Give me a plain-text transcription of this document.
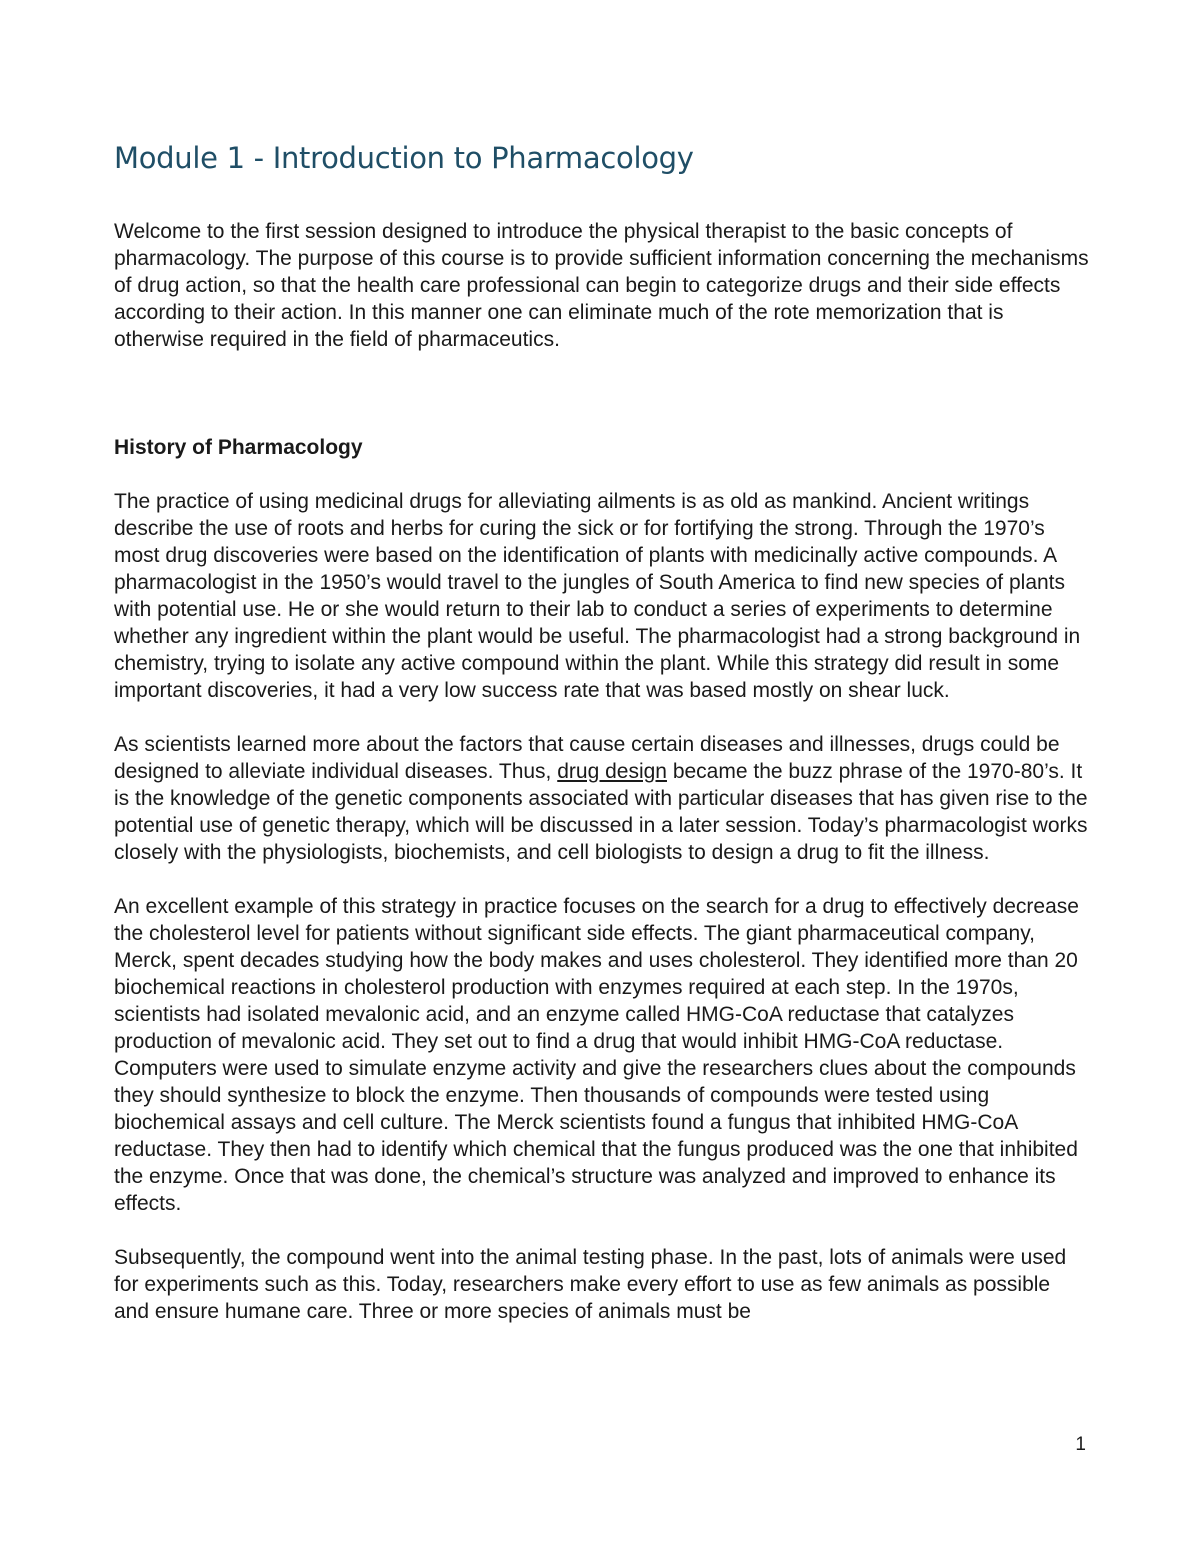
Module 1 - Introduction to Pharmacology

Welcome to the first session designed to introduce the physical therapist to the basic concepts of pharmacology. The purpose of this course is to provide sufficient information concerning the mechanisms of drug action, so that the health care professional can begin to categorize drugs and their side effects according to their action. In this manner one can eliminate much of the rote memorization that is otherwise required in the field of pharmaceutics.

History of Pharmacology

The practice of using medicinal drugs for alleviating ailments is as old as mankind. Ancient writings describe the use of roots and herbs for curing the sick or for fortifying the strong. Through the 1970’s most drug discoveries were based on the identification of plants with medicinally active compounds. A pharmacologist in the 1950’s would travel to the jungles of South America to find new species of plants with potential use. He or she would return to their lab to conduct a series of experiments to determine whether any ingredient within the plant would be useful. The pharmacologist had a strong background in chemistry, trying to isolate any active compound within the plant. While this strategy did result in some important discoveries, it had a very low success rate that was based mostly on shear luck.

As scientists learned more about the factors that cause certain diseases and illnesses, drugs could be designed to alleviate individual diseases. Thus, drug design became the buzz phrase of the 1970-80’s. It is the knowledge of the genetic components associated with particular diseases that has given rise to the potential use of genetic therapy, which will be discussed in a later session. Today’s pharmacologist works closely with the physiologists, biochemists, and cell biologists to design a drug to fit the illness.

An excellent example of this strategy in practice focuses on the search for a drug to effectively decrease the cholesterol level for patients without significant side effects. The giant pharmaceutical company, Merck, spent decades studying how the body makes and uses cholesterol. They identified more than 20 biochemical reactions in cholesterol production with enzymes required at each step. In the 1970s, scientists had isolated mevalonic acid, and an enzyme called HMG-CoA reductase that catalyzes production of mevalonic acid. They set out to find a drug that would inhibit HMG-CoA reductase. Computers were used to simulate enzyme activity and give the researchers clues about the compounds they should synthesize to block the enzyme. Then thousands of compounds were tested using biochemical assays and cell culture. The Merck scientists found a fungus that inhibited HMG-CoA reductase. They then had to identify which chemical that the fungus produced was the one that inhibited the enzyme. Once that was done, the chemical’s structure was analyzed and improved to enhance its effects.

Subsequently, the compound went into the animal testing phase. In the past, lots of animals were used for experiments such as this. Today, researchers make every effort to use as few animals as possible and ensure humane care. Three or more species of animals must be

1
